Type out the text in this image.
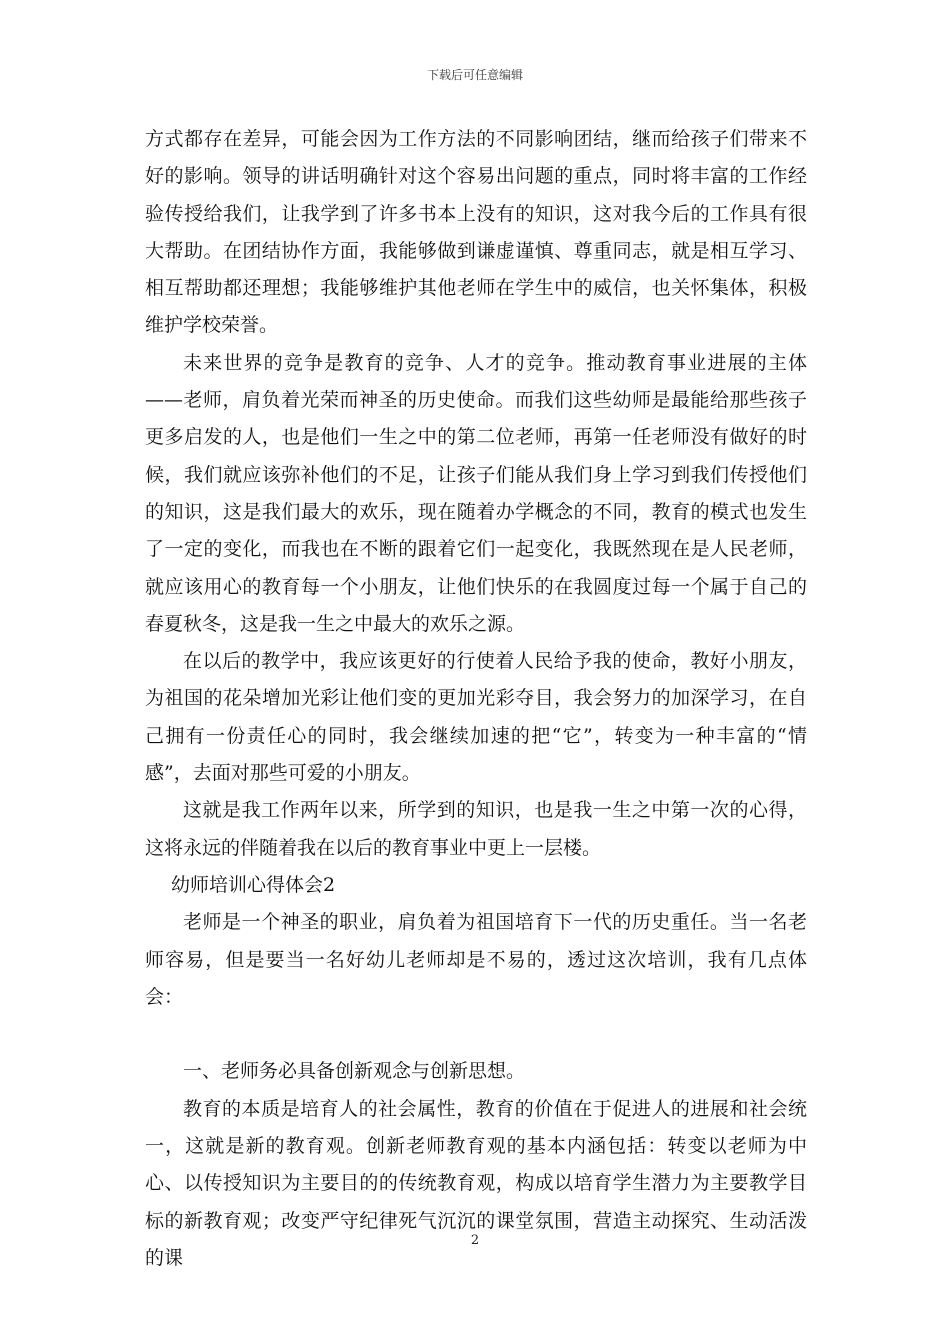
下载后可任意编辑

方式都存在差异，可能会因为工作方法的不同影响团结，继而给孩子们带来不好的影响。领导的讲话明确针对这个容易出问题的重点，同时将丰富的工作经验传授给我们，让我学到了许多书本上没有的知识，这对我今后的工作具有很大帮助。在团结协作方面，我能够做到谦虚谨慎、尊重同志，就是相互学习、相互帮助都还理想；我能够维护其他老师在学生中的威信，也关怀集体，积极维护学校荣誉。

未来世界的竞争是教育的竞争、人才的竞争。推动教育事业进展的主体——老师，肩负着光荣而神圣的历史使命。而我们这些幼师是最能给那些孩子更多启发的人，也是他们一生之中的第二位老师，再第一任老师没有做好的时候，我们就应该弥补他们的不足，让孩子们能从我们身上学习到我们传授他们的知识，这是我们最大的欢乐，现在随着办学概念的不同，教育的模式也发生了一定的变化，而我也在不断的跟着它们一起变化，我既然现在是人民老师，就应该用心的教育每一个小朋友，让他们快乐的在我圆度过每一个属于自己的春夏秋冬，这是我一生之中最大的欢乐之源。

在以后的教学中，我应该更好的行使着人民给予我的使命，教好小朋友，为祖国的花朵增加光彩让他们变的更加光彩夺目，我会努力的加深学习，在自己拥有一份责任心的同时，我会继续加速的把“它”，转变为一种丰富的“情感”，去面对那些可爱的小朋友。

这就是我工作两年以来，所学到的知识，也是我一生之中第一次的心得，这将永远的伴随着我在以后的教育事业中更上一层楼。

幼师培训心得体会2

老师是一个神圣的职业，肩负着为祖国培育下一代的历史重任。当一名老师容易，但是要当一名好幼儿老师却是不易的，透过这次培训，我有几点体会：

一、老师务必具备创新观念与创新思想。

教育的本质是培育人的社会属性，教育的价值在于促进人的进展和社会统一，这就是新的教育观。创新老师教育观的基本内涵包括：转变以老师为中心、以传授知识为主要目的的传统教育观，构成以培育学生潜力为主要教学目标的新教育观；改变严守纪律死气沉沉的课堂氛围，营造主动探究、生动活泼的课

2
